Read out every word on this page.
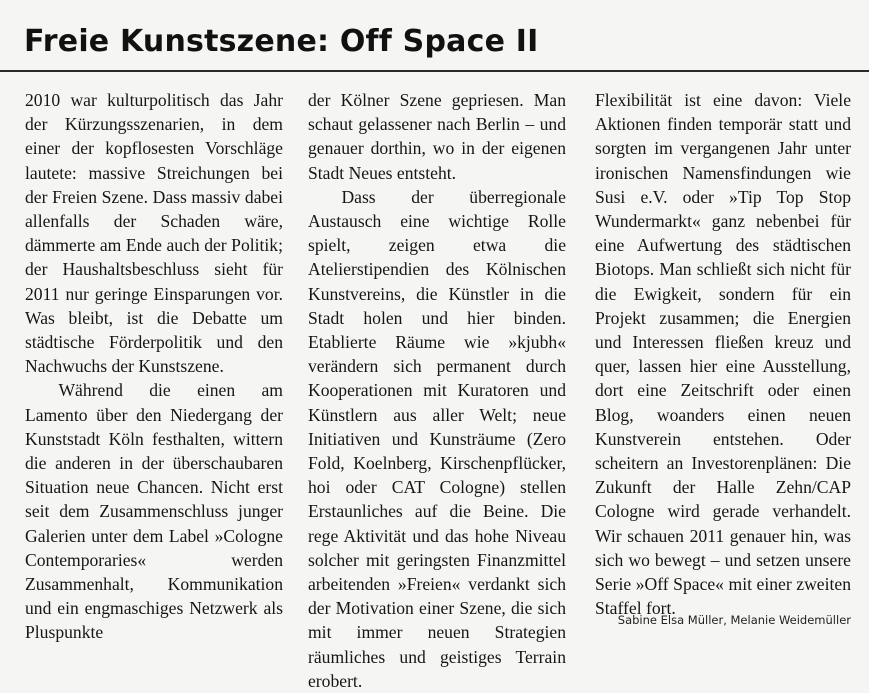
Freie Kunstszene: Off Space II

2010 war kulturpolitisch das Jahr der Kürzungsszenarien, in dem einer der kopflosesten Vorschläge lautete: massive Streichungen bei der Freien Szene. Dass massiv dabei allenfalls der Schaden wäre, dämmerte am Ende auch der Politik; der Haushaltsbeschluss sieht für 2011 nur geringe Einsparungen vor. Was bleibt, ist die Debatte um städtische Förderpolitik und den Nachwuchs der Kunstszene.

Während die einen am Lamento über den Niedergang der Kunststadt Köln festhalten, wittern die anderen in der überschaubaren Situation neue Chancen. Nicht erst seit dem Zusammenschluss junger Galerien unter dem Label »Cologne Contemporaries« werden Zusammenhalt, Kommunikation und ein engmaschiges Netzwerk als Pluspunkte

der Kölner Szene gepriesen. Man schaut gelassener nach Berlin – und genauer dorthin, wo in der eigenen Stadt Neues entsteht.

Dass der überregionale Austausch eine wichtige Rolle spielt, zeigen etwa die Atelierstipendien des Kölnischen Kunstvereins, die Künstler in die Stadt holen und hier binden. Etablierte Räume wie »kjubh« verändern sich permanent durch Kooperationen mit Kuratoren und Künstlern aus aller Welt; neue Initiativen und Kunsträume (Zero Fold, Koelnberg, Kirschenpflücker, hoi oder CAT Cologne) stellen Erstaunliches auf die Beine. Die rege Aktivität und das hohe Niveau solcher mit geringsten Finanzmittel arbeitenden »Freien« verdankt sich der Motivation einer Szene, die sich mit immer neuen Strategien räumliches und geistiges Terrain erobert.

Flexibilität ist eine davon: Viele Aktionen finden temporär statt und sorgten im vergangenen Jahr unter ironischen Namensfindungen wie Susi e.V. oder »Tip Top Stop Wundermarkt« ganz nebenbei für eine Aufwertung des städtischen Biotops. Man schließt sich nicht für die Ewigkeit, sondern für ein Projekt zusammen; die Energien und Interessen fließen kreuz und quer, lassen hier eine Ausstellung, dort eine Zeitschrift oder einen Blog, woanders einen neuen Kunstverein entstehen. Oder scheitern an Investorenplänen: Die Zukunft der Halle Zehn/CAP Cologne wird gerade verhandelt. Wir schauen 2011 genauer hin, was sich wo bewegt – und setzen unsere Serie »Off Space« mit einer zweiten Staffel fort.

Sabine Elsa Müller, Melanie Weidemüller
